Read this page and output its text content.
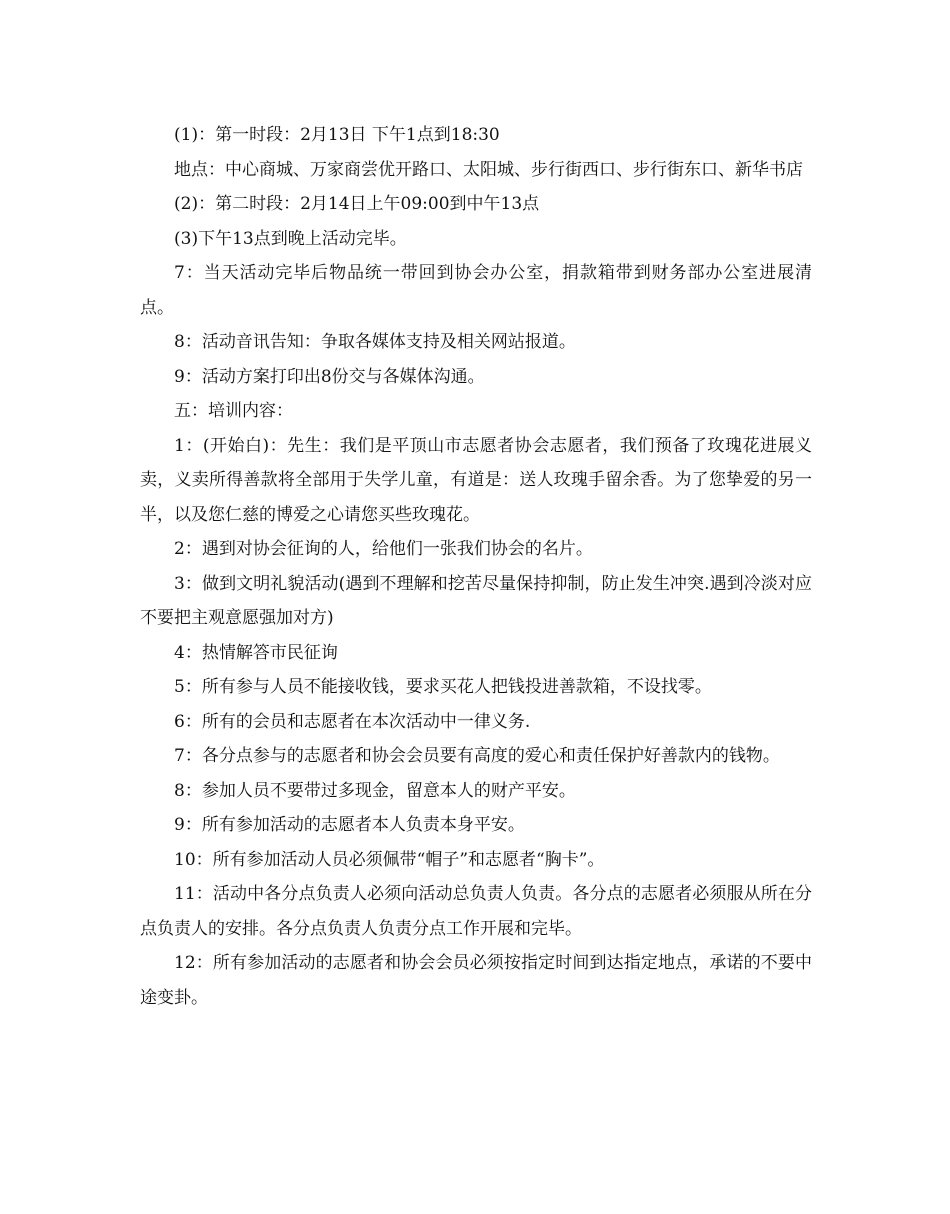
(1)：第一时段：2月13日 下午1点到18:30

地点：中心商城、万家商尝优开路口、太阳城、步行街西口、步行街东口、新华书店

(2)：第二时段：2月14日上午09:00到中午13点

(3)下午13点到晚上活动完毕。

7：当天活动完毕后物品统一带回到协会办公室，捐款箱带到财务部办公室进展清点。

8：活动音讯告知：争取各媒体支持及相关网站报道。

9：活动方案打印出8份交与各媒体沟通。

五：培训内容：

1：(开始白)：先生：我们是平顶山市志愿者协会志愿者，我们预备了玫瑰花进展义卖，义卖所得善款将全部用于失学儿童，有道是：送人玫瑰手留余香。为了您挚爱的另一半，以及您仁慈的博爱之心请您买些玫瑰花。

2：遇到对协会征询的人，给他们一张我们协会的名片。

3：做到文明礼貌活动(遇到不理解和挖苦尽量保持抑制，防止发生冲突.遇到冷淡对应不要把主观意愿强加对方)

4：热情解答市民征询

5：所有参与人员不能接收钱，要求买花人把钱投进善款箱，不设找零。

6：所有的会员和志愿者在本次活动中一律义务.

7：各分点参与的志愿者和协会会员要有高度的爱心和责任保护好善款内的钱物。

8：参加人员不要带过多现金，留意本人的财产平安。

9：所有参加活动的志愿者本人负责本身平安。

10：所有参加活动人员必须佩带“帽子”和志愿者“胸卡”。

11：活动中各分点负责人必须向活动总负责人负责。各分点的志愿者必须服从所在分点负责人的安排。各分点负责人负责分点工作开展和完毕。

12：所有参加活动的志愿者和协会会员必须按指定时间到达指定地点，承诺的不要中途变卦。
